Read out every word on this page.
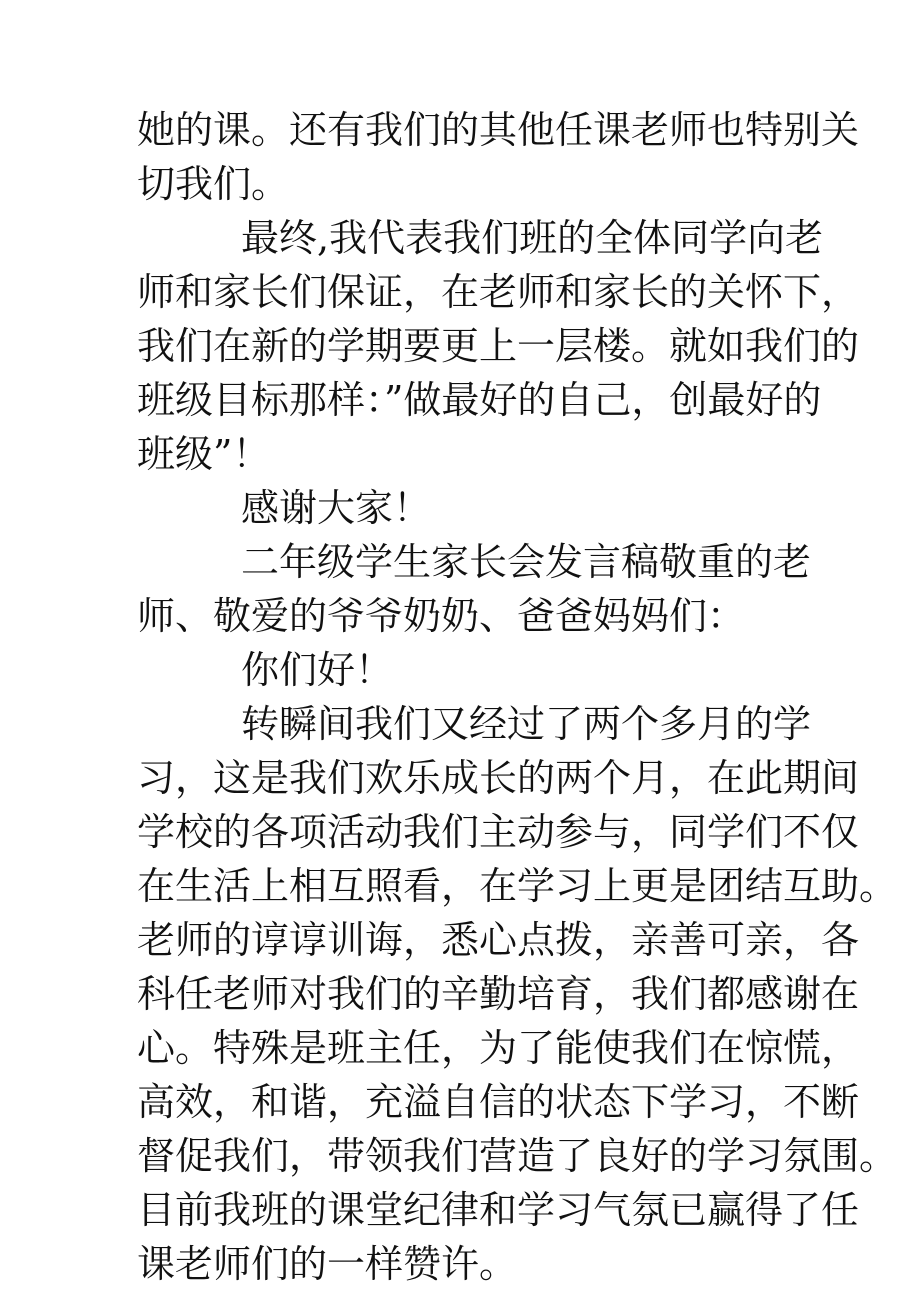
她的课。还有我们的其他任课老师也特别关
切我们。
最终,我代表我们班的全体同学向老
师和家长们保证，在老师和家长的关怀下，
我们在新的学期要更上一层楼。就如我们的
班级目标那样：”做最好的自己，创最好的
班级”！
感谢大家！
二年级学生家长会发言稿敬重的老
师、敬爱的爷爷奶奶、爸爸妈妈们：
你们好！
转瞬间我们又经过了两个多月的学
习，这是我们欢乐成长的两个月，在此期间
学校的各项活动我们主动参与，同学们不仅
在生活上相互照看，在学习上更是团结互助。
老师的谆谆训诲，悉心点拨，亲善可亲，各
科任老师对我们的辛勤培育，我们都感谢在
心。特殊是班主任，为了能使我们在惊慌，
高效，和谐，充溢自信的状态下学习，不断
督促我们，带领我们营造了良好的学习氛围。
目前我班的课堂纪律和学习气氛已赢得了任
课老师们的一样赞许。
